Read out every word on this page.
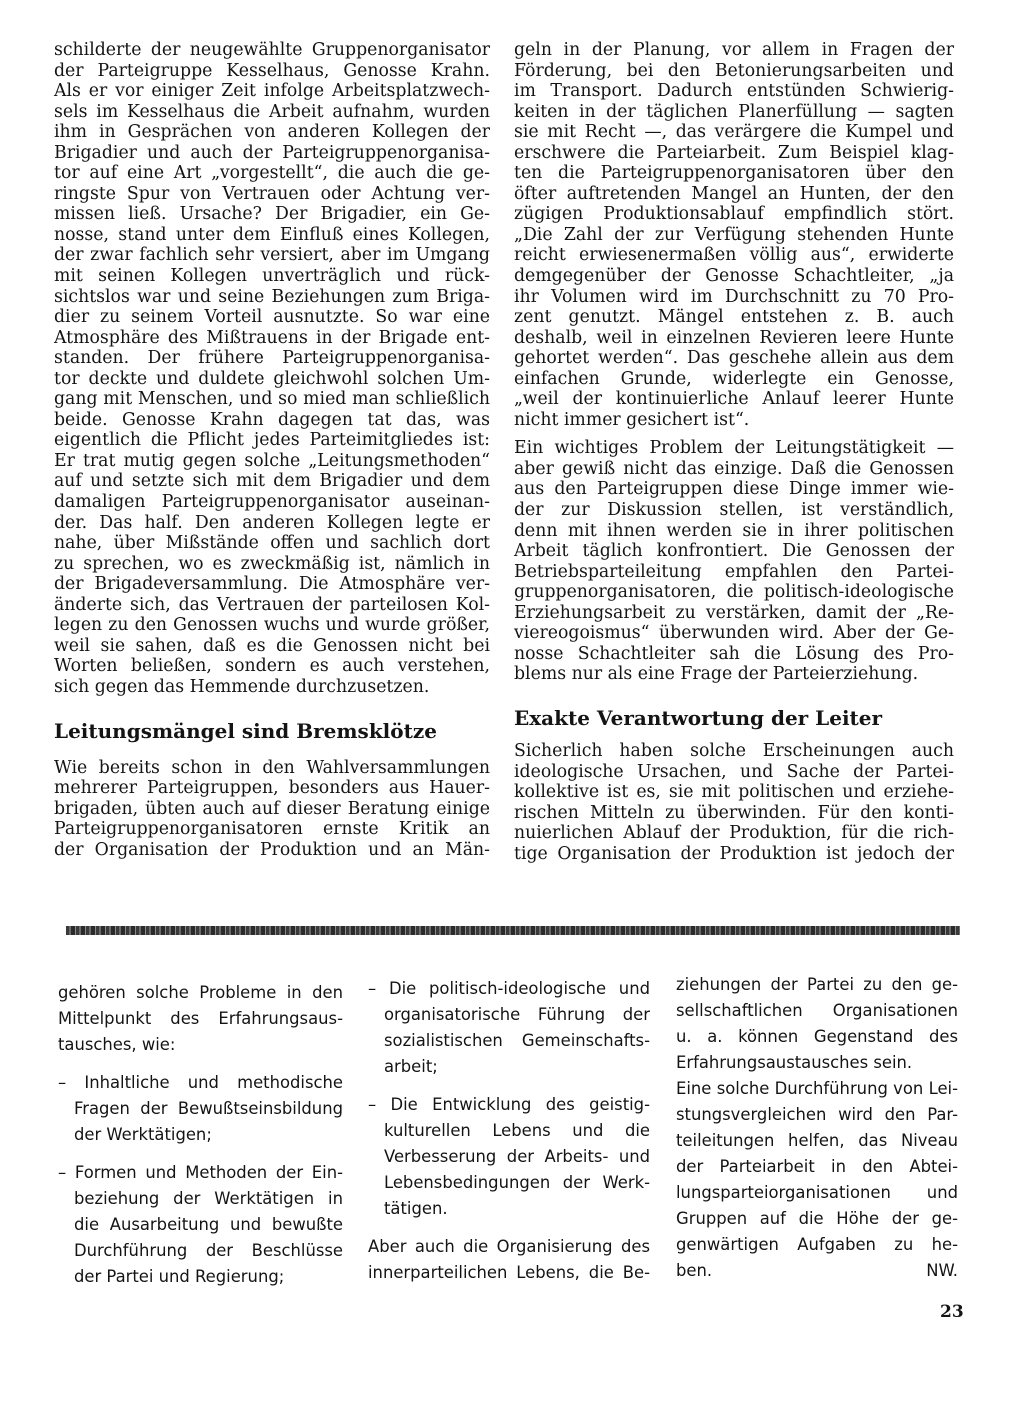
schilderte der neugewählte Gruppenorganisator
der Parteigruppe Kesselhaus, Genosse Krahn.
Als er vor einiger Zeit infolge Arbeitsplatzwech-
sels im Kesselhaus die Arbeit aufnahm, wurden
ihm in Gesprächen von anderen Kollegen der
Brigadier und auch der Parteigruppenorganisa-
tor auf eine Art „vorgestellt“, die auch die ge-
ringste Spur von Vertrauen oder Achtung ver-
missen ließ. Ursache? Der Brigadier, ein Ge-
nosse, stand unter dem Einfluß eines Kollegen,
der zwar fachlich sehr versiert, aber im Umgang
mit seinen Kollegen unverträglich und rück-
sichtslos war und seine Beziehungen zum Briga-
dier zu seinem Vorteil ausnutzte. So war eine
Atmosphäre des Mißtrauens in der Brigade ent-
standen. Der frühere Parteigruppenorganisa-
tor deckte und duldete gleichwohl solchen Um-
gang mit Menschen, und so mied man schließlich
beide. Genosse Krahn dagegen tat das, was
eigentlich die Pflicht jedes Parteimitgliedes ist:
Er trat mutig gegen solche „Leitungsmethoden“
auf und setzte sich mit dem Brigadier und dem
damaligen Parteigruppenorganisator auseinan-
der. Das half. Den anderen Kollegen legte er
nahe, über Mißstände offen und sachlich dort
zu sprechen, wo es zweckmäßig ist, nämlich in
der Brigadeversammlung. Die Atmosphäre ver-
änderte sich, das Vertrauen der parteilosen Kol-
legen zu den Genossen wuchs und wurde größer,
weil sie sahen, daß es die Genossen nicht bei
Worten beließen, sondern es auch verstehen,
sich gegen das Hemmende durchzusetzen.

Leitungsmängel sind Bremsklötze

Wie bereits schon in den Wahlversammlungen
mehrerer Parteigruppen, besonders aus Hauer-
brigaden, übten auch auf dieser Beratung einige
Parteigruppenorganisatoren ernste Kritik an
der Organisation der Produktion und an Män-

geln in der Planung, vor allem in Fragen der
Förderung, bei den Betonierungsarbeiten und
im Transport. Dadurch entstünden Schwierig-
keiten in der täglichen Planerfüllung — sagten
sie mit Recht —, das verärgere die Kumpel und
erschwere die Parteiarbeit. Zum Beispiel klag-
ten die Parteigruppenorganisatoren über den
öfter auftretenden Mangel an Hunten, der den
zügigen Produktionsablauf empfindlich stört.
„Die Zahl der zur Verfügung stehenden Hunte
reicht erwiesenermaßen völlig aus“, erwiderte
demgegenüber der Genosse Schachtleiter, „ja
ihr Volumen wird im Durchschnitt zu 70 Pro-
zent genutzt. Mängel entstehen z. B. auch
deshalb, weil in einzelnen Revieren leere Hunte
gehortet werden“. Das geschehe allein aus dem
einfachen Grunde, widerlegte ein Genosse,
„weil der kontinuierliche Anlauf leerer Hunte
nicht immer gesichert ist“.

Ein wichtiges Problem der Leitungstätigkeit —
aber gewiß nicht das einzige. Daß die Genossen
aus den Parteigruppen diese Dinge immer wie-
der zur Diskussion stellen, ist verständlich,
denn mit ihnen werden sie in ihrer politischen
Arbeit täglich konfrontiert. Die Genossen der
Betriebsparteileitung empfahlen den Partei-
gruppenorganisatoren, die politisch-ideologische
Erziehungsarbeit zu verstärken, damit der „Re-
viereogoismus“ überwunden wird. Aber der Ge-
nosse Schachtleiter sah die Lösung des Pro-
blems nur als eine Frage der Parteierziehung.

Exakte Verantwortung der Leiter

Sicherlich haben solche Erscheinungen auch
ideologische Ursachen, und Sache der Partei-
kollektive ist es, sie mit politischen und erziehe-
rischen Mitteln zu überwinden. Für den konti-
nuierlichen Ablauf der Produktion, für die rich-
tige Organisation der Produktion ist jedoch der

gehören solche Probleme in den
Mittelpunkt des Erfahrungsaus-
tausches, wie:
– Inhaltliche und methodische
Fragen der Bewußtseinsbildung
der Werktätigen;
– Formen und Methoden der Ein-
beziehung der Werktätigen in
die Ausarbeitung und bewußte
Durchführung der Beschlüsse
der Partei und Regierung;
– Die politisch-ideologische und
organisatorische Führung der
sozialistischen Gemeinschafts-
arbeit;
– Die Entwicklung des geistig-
kulturellen Lebens und die
Verbesserung der Arbeits- und
Lebensbedingungen der Werk-
tätigen.
Aber auch die Organisierung des
innerparteilichen Lebens, die Be-
ziehungen der Partei zu den ge-
sellschaftlichen Organisationen
u. a. können Gegenstand des
Erfahrungsaustausches sein.
Eine solche Durchführung von Lei-
stungsvergleichen wird den Par-
teileitungen helfen, das Niveau
der Parteiarbeit in den Abtei-
lungsparteiorganisationen und
Gruppen auf die Höhe der ge-
genwärtigen Aufgaben zu he-
ben.	NW.
23
